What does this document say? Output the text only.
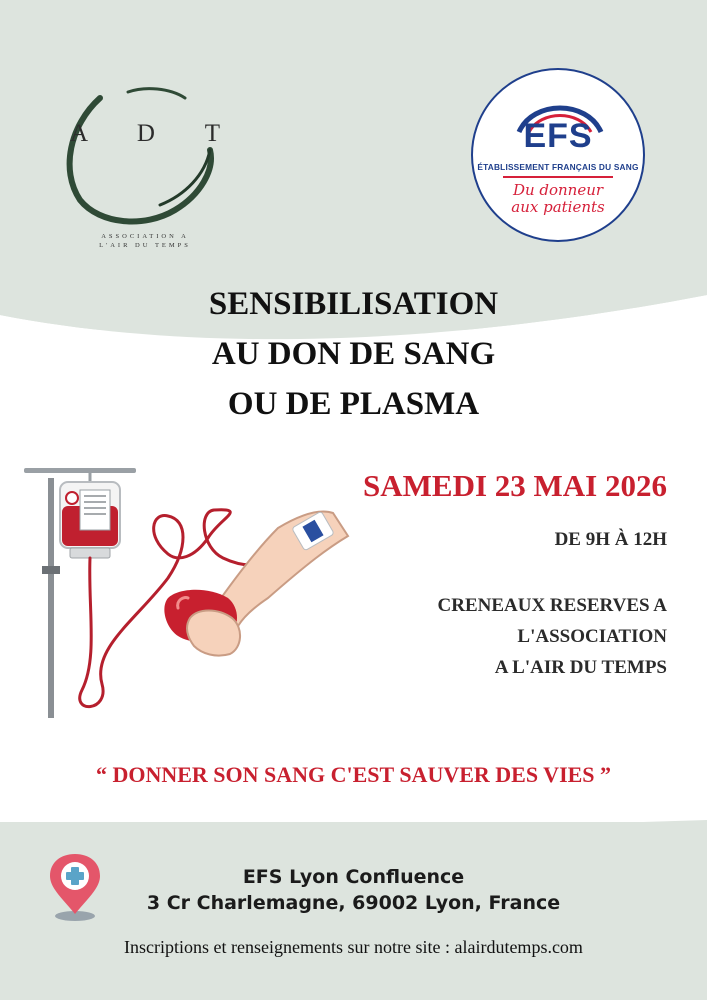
A D T
ASSOCIATION A L'AIR DU TEMPS
EFS
ÉTABLISSEMENT FRANÇAIS DU SANG
Du donneur
aux patients
SENSIBILISATION
AU DON DE SANG
OU DE PLASMA
SAMEDI 23 MAI 2026
DE 9H À 12H
CRENEAUX RESERVES A
L'ASSOCIATION
A L'AIR DU TEMPS
“ DONNER SON SANG C'EST SAUVER DES VIES ”
EFS Lyon Confluence
3 Cr Charlemagne, 69002 Lyon, France
Inscriptions et renseignements sur notre site : alairdutemps.com
